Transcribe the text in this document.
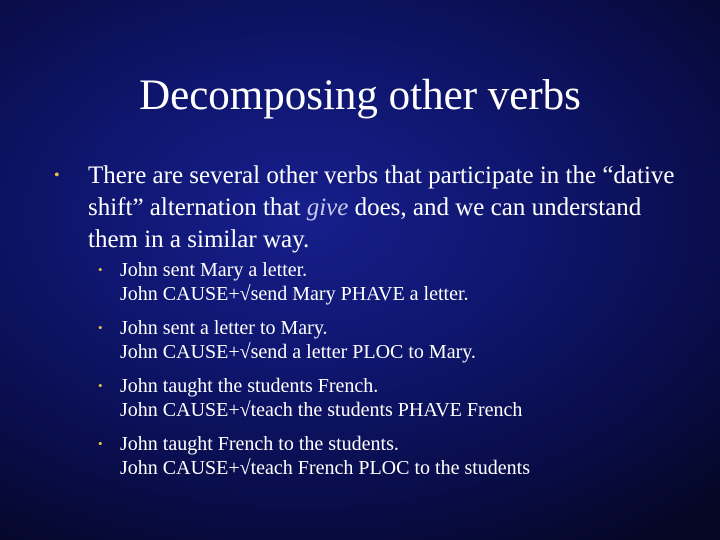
Decomposing other verbs
• There are several other verbs that participate in the “dative shift” alternation that give does, and we can understand them in a similar way.
• John sent Mary a letter.
John CAUSE+√send Mary PHAVE a letter.
• John sent a letter to Mary.
John CAUSE+√send a letter PLOC to Mary.
• John taught the students French.
John CAUSE+√teach the students PHAVE French
• John taught French to the students.
John CAUSE+√teach French PLOC to the students
